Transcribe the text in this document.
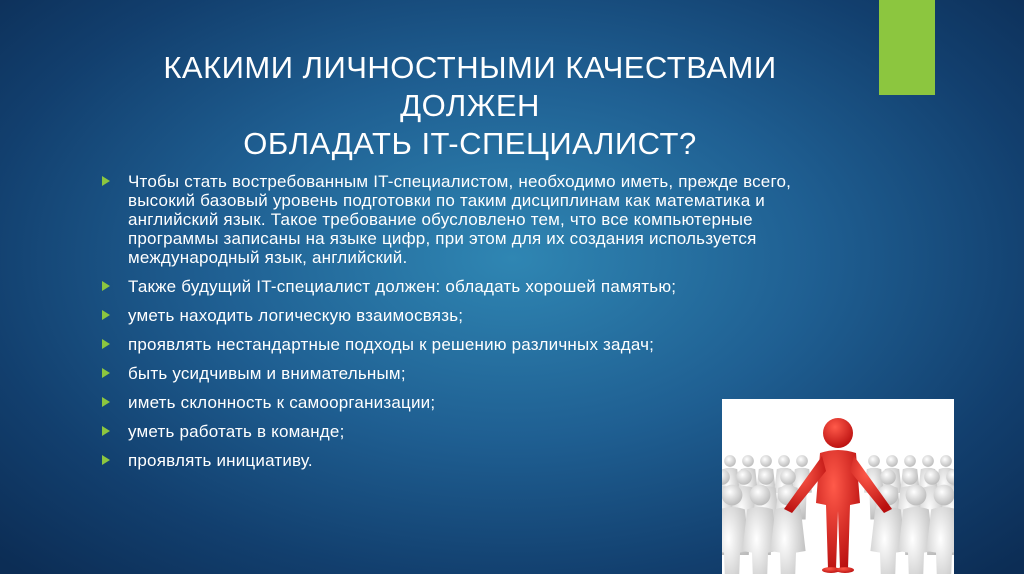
КАКИМИ ЛИЧНОСТНЫМИ КАЧЕСТВАМИ ДОЛЖЕН
ОБЛАДАТЬ IT-СПЕЦИАЛИСТ?
Чтобы стать востребованным IT-специалистом, необходимо иметь, прежде всего, высокий базовый уровень подготовки по таким дисциплинам как математика и английский язык. Такое требование обусловлено тем, что все компьютерные программы записаны на языке цифр, при этом для их создания используется международный язык, английский.
Также будущий IT-специалист должен: обладать хорошей памятью;
уметь находить логическую взаимосвязь;
проявлять нестандартные подходы к решению различных задач;
быть усидчивым и внимательным;
иметь склонность к самоорганизации;
уметь работать в команде;
проявлять инициативу.
